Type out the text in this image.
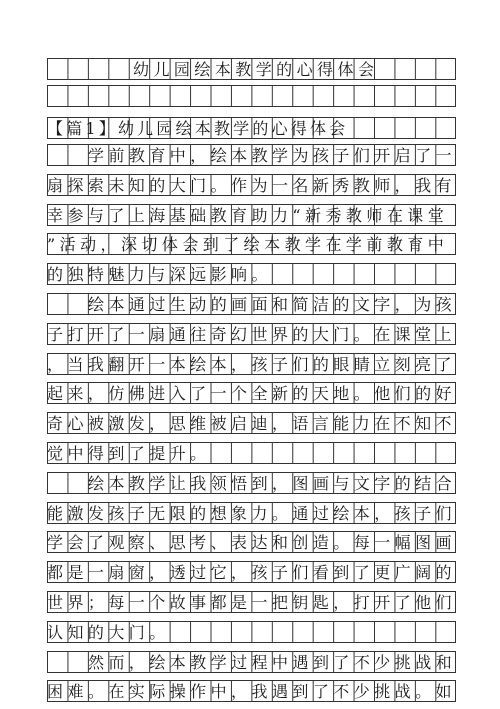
幼儿园绘本教学的心得体会
【篇1】幼儿园绘本教学的心得体会
学前教育中，绘本教学为孩子们开启了一
扇探索未知的大门。作为一名新秀教师，我有
幸参与了上海基础教育助力“新秀教师在课堂
”活动，深切体会到了绘本教学在学前教育中
的独特魅力与深远影响。
绘本通过生动的画面和简洁的文字，为孩
子打开了一扇通往奇幻世界的大门。在课堂上
，当我翻开一本绘本，孩子们的眼睛立刻亮了
起来，仿佛进入了一个全新的天地。他们的好
奇心被激发，思维被启迪，语言能力在不知不
觉中得到了提升。
绘本教学让我领悟到，图画与文字的结合
能激发孩子无限的想象力。通过绘本，孩子们
学会了观察、思考、表达和创造。每一幅图画
都是一扇窗，透过它，孩子们看到了更广阔的
世界；每一个故事都是一把钥匙，打开了他们
认知的大门。
然而，绘本教学过程中遇到了不少挑战和
困难。在实际操作中，我遇到了不少挑战。如
